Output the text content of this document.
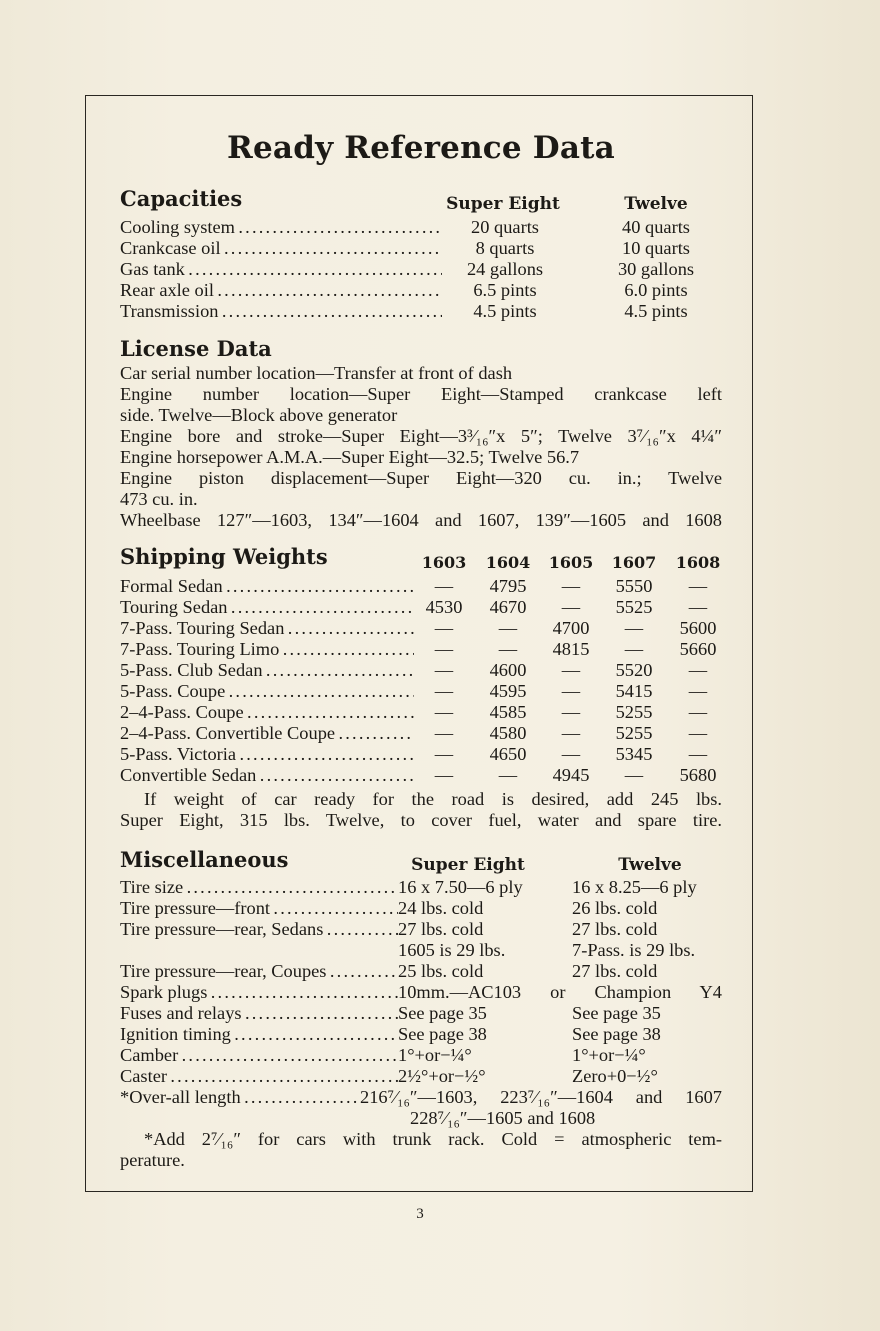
Ready Reference Data
Capacities	Super Eight	Twelve
Cooling system . . .	20 quarts	40 quarts
Crankcase oil . . .	8 quarts	10 quarts
Gas tank . . .	24 gallons	30 gallons
Rear axle oil . . .	6.5 pints	6.0 pints
Transmission . . .	4.5 pints	4.5 pints
License Data
Car serial number location—Transfer at front of dash
Engine number location—Super Eight—Stamped crankcase left
side. Twelve—Block above generator
Engine bore and stroke—Super Eight—3³⁄₁₆″x 5″; Twelve 3⁷⁄₁₆″x 4¼″
Engine horsepower A.M.A.—Super Eight—32.5; Twelve 56.7
Engine piston displacement—Super Eight—320 cu. in.; Twelve
473 cu. in.
Wheelbase 127″—1603, 134″—1604 and 1607, 139″—1605 and 1608
Shipping Weights	1603 1604 1605 1607 1608
Formal Sedan . . .	—	4795	—	5550	—
Touring Sedan . . .	4530	4670	—	5525	—
7-Pass. Touring Sedan . . .	—	—	4700	—	5600
7-Pass. Touring Limo . . .	—	—	4815	—	5660
5-Pass. Club Sedan . . .	—	4600	—	5520	—
5-Pass. Coupe . . .	—	4595	—	5415	—
2–4-Pass. Coupe . . .	—	4585	—	5255	—
2–4-Pass. Convertible Coupe . . .	—	4580	—	5255	—
5-Pass. Victoria . . .	—	4650	—	5345	—
Convertible Sedan . . .	—	—	4945	—	5680
If weight of car ready for the road is desired, add 245 lbs.
Super Eight, 315 lbs. Twelve, to cover fuel, water and spare tire.
Miscellaneous	Super Eight	Twelve
Tire size . . .	16 x 7.50—6 ply	16 x 8.25—6 ply
Tire pressure—front . . .	24 lbs. cold	26 lbs. cold
Tire pressure—rear, Sedans . . .	27 lbs. cold	27 lbs. cold
1605 is 29 lbs.	7-Pass. is 29 lbs.
Tire pressure—rear, Coupes . . .	25 lbs. cold	27 lbs. cold
Spark plugs . . .	10mm.—AC103 or Champion Y4
Fuses and relays . . .	See page 35	See page 35
Ignition timing . . .	See page 38	See page 38
Camber . . .	1°+or−¼°	1°+or−¼°
Caster . . .	2½°+or−½°	Zero+0−½°
*Over-all length . . .	216⁷⁄₁₆″—1603, 223⁷⁄₁₆″—1604 and 1607
228⁷⁄₁₆″—1605 and 1608
*Add 2⁷⁄₁₆″ for cars with trunk rack. Cold = atmospheric tem-
perature.
3
